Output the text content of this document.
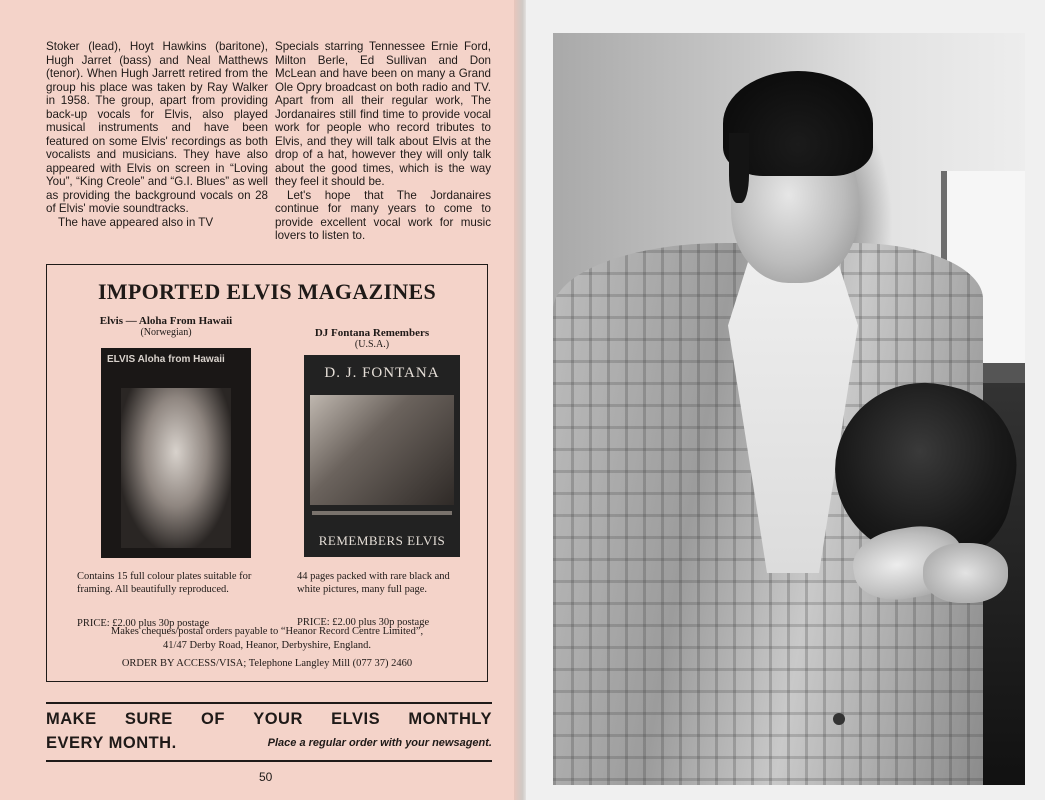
Stoker (lead), Hoyt Hawkins (baritone), Hugh Jarret (bass) and Neal Matthews (tenor). When Hugh Jarrett retired from the group his place was taken by Ray Walker in 1958. The group, apart from providing back-up vocals for Elvis, also played musical instruments and have been featured on some Elvis' recordings as both vocalists and musicians. They have also appeared with Elvis on screen in “Loving You”, “King Creole” and “G.I. Blues” as well as providing the background vocals on 28 of Elvis' movie soundtracks.

The have appeared also in TV

Specials starring Tennessee Ernie Ford, Milton Berle, Ed Sullivan and Don McLean and have been on many a Grand Ole Opry broadcast on both radio and TV. Apart from all their regular work, The Jordanaires still find time to provide vocal work for people who record tributes to Elvis, and they will talk about Elvis at the drop of a hat, however they will only talk about the good times, which is the way they feel it should be.

Let's hope that The Jordanaires continue for many years to come to provide excellent vocal work for music lovers to listen to.

IMPORTED ELVIS MAGAZINES
Elvis — Aloha From Hawaii
(Norwegian)
ELVIS Aloha from Hawaii
Contains 15 full colour plates suitable for framing. All beautifully reproduced.
PRICE: £2.00 plus 30p postage
DJ Fontana Remembers
(U.S.A.)
D. J. FONTANA
REMEMBERS ELVIS
44 pages packed with rare black and white pictures, many full page.
PRICE: £2.00 plus 30p postage
Makes cheques/postal orders payable to “Heanor Record Centre Limited”,
41/47 Derby Road, Heanor, Derbyshire, England.
ORDER BY ACCESS/VISA; Telephone Langley Mill (077 37) 2460
MAKE SURE OF YOUR ELVIS MONTHLY
EVERY MONTH.	Place a regular order with your newsagent.
50
